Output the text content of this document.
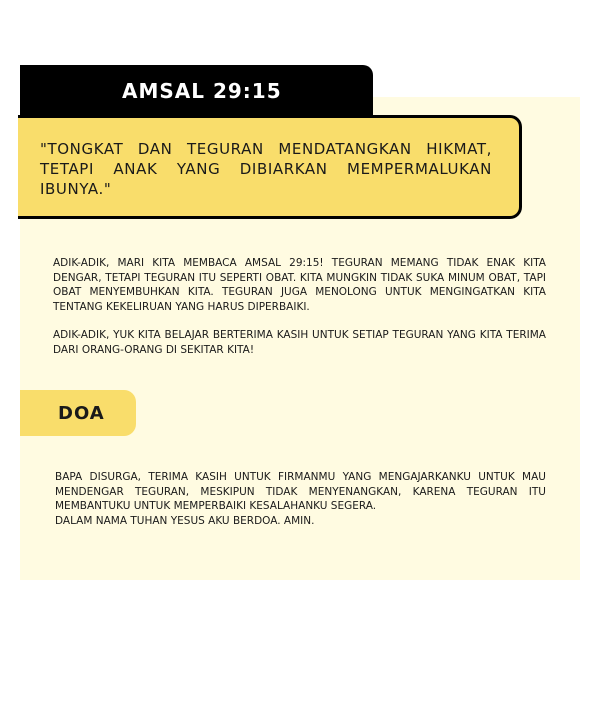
AMSAL 29:15

"TONGKAT DAN TEGURAN MENDATANGKAN HIKMAT, TETAPI ANAK YANG DIBIARKAN MEMPERMALUKAN IBUNYA."

ADIK-ADIK, MARI KITA MEMBACA AMSAL 29:15! TEGURAN MEMANG TIDAK ENAK KITA DENGAR, TETAPI TEGURAN ITU SEPERTI OBAT. KITA MUNGKIN TIDAK SUKA MINUM OBAT, TAPI OBAT MENYEMBUHKAN KITA. TEGURAN JUGA MENOLONG UNTUK MENGINGATKAN KITA TENTANG KEKELIRUAN YANG HARUS DIPERBAIKI.

ADIK-ADIK, YUK KITA BELAJAR BERTERIMA KASIH UNTUK SETIAP TEGURAN YANG KITA TERIMA DARI ORANG-ORANG DI SEKITAR KITA!

DOA

BAPA DISURGA, TERIMA KASIH UNTUK FIRMANMU YANG MENGAJARKANKU UNTUK MAU MENDENGAR TEGURAN, MESKIPUN TIDAK MENYENANGKAN, KARENA TEGURAN ITU MEMBANTUKU UNTUK MEMPERBAIKI KESALAHANKU SEGERA.
DALAM NAMA TUHAN YESUS AKU BERDOA. AMIN.
